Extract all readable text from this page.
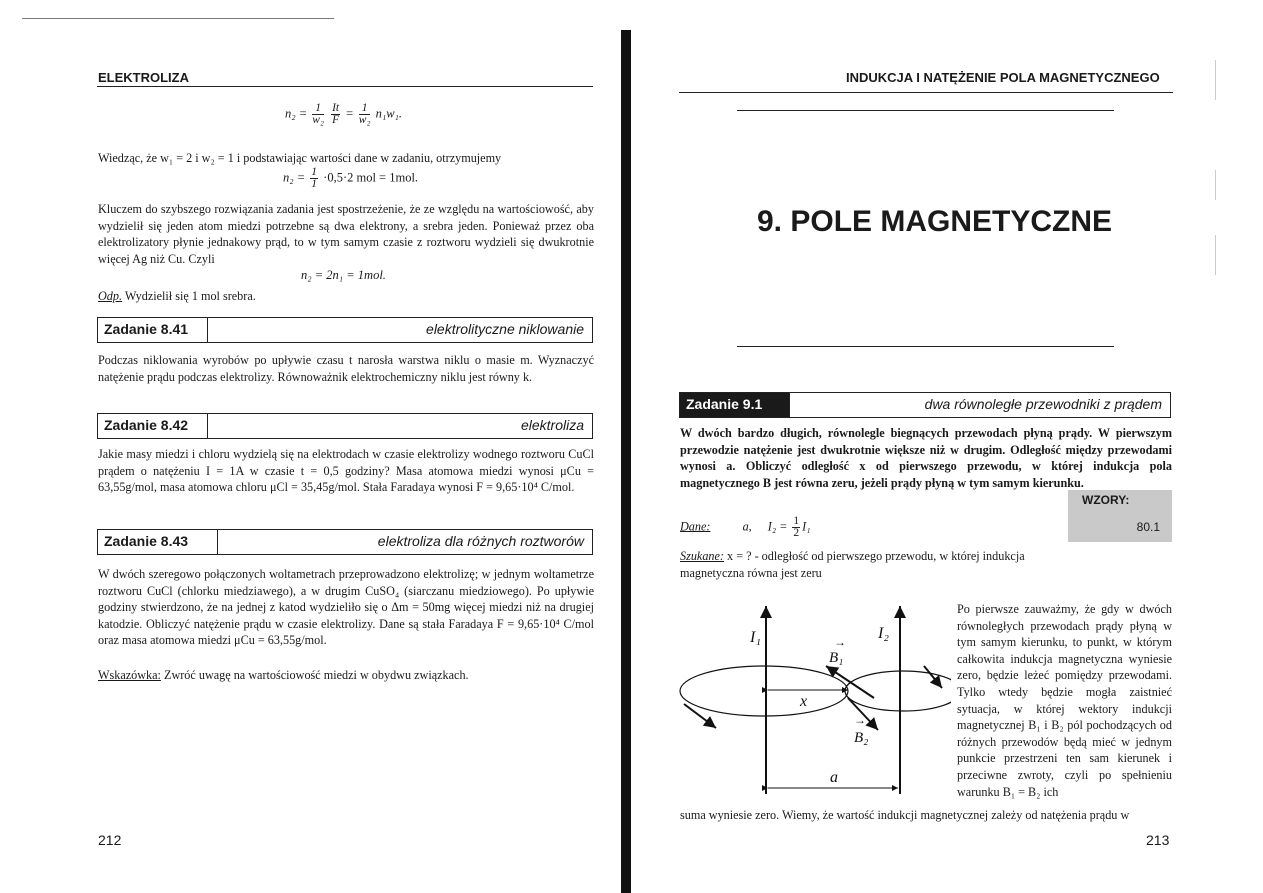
ELEKTROLIZA
$n_2 = \frac{1}{\text{w₂}}$
$\frac{It}{F} = \frac{1}{\text{w₂}} n_1w_1$.
Wiedząc, że w₁ = 2 i w₂ = 1 i podstawiając wartości dane w zadaniu, otrzymujemy
$n_2 = \frac{1}{1} \cdot 0,5\cdot 2$ mol = 1mol.
Kluczem do szybszego rozwiązania zadania jest spostrzeżenie, że ze względu na wartościowość, aby wydzielił się jeden atom miedzi potrzebne są dwa elektrony, a srebra jeden. Ponieważ przez oba elektrolizatory płynie jednakowy prąd, to w tym samym czasie z roztworu wydzieli się dwukrotnie więcej Ag niż Cu. Czyli
n₂ = 2n₁ = 1mol.
Odp. Wydzielił się 1 mol srebra.
Zadanie 8.41	elektrolityczne niklowanie
Podczas niklowania wyrobów po upływie czasu t narosła warstwa niklu o masie m. Wyznaczyć natężenie prądu podczas elektrolizy. Równoważnik elektrochemiczny niklu jest równy k.
Zadanie 8.42	elektroliza
Jakie masy miedzi i chloru wydzielą się na elektrodach w czasie elektrolizy wodnego roztworu CuCl prądem o natężeniu I = 1A w czasie t = 0,5 godziny? Masa atomowa miedzi wynosi μCu = 63,55g/mol, masa atomowa chloru μCl = 35,45g/mol. Stała Faradaya wynosi F = 9,65·10⁴ C/mol.
Zadanie 8.43	elektroliza dla różnych roztworów
W dwóch szeregowo połączonych woltametrach przeprowadzono elektrolizę; w jednym woltametrze roztworu CuCl (chlorku miedziawego), a w drugim CuSO₄ (siarczanu miedziowego). Po upływie godziny stwierdzono, że na jednej z katod wydzieliło się o Δm = 50mg więcej miedzi niż na drugiej katodzie. Obliczyć natężenie prądu w czasie elektrolizy. Dane są stała Faradaya F = 9,65·10⁴ C/mol oraz masa atomowa miedzi μCu = 63,55g/mol.
Wskazówka: Zwróć uwagę na wartościowość miedzi w obydwu związkach.
212
INDUKCJA I NATĘŻENIE POLA MAGNETYCZNEGO
9. POLE MAGNETYCZNE
Zadanie 9.1	dwa równoległe przewodniki z prądem
W dwóch bardzo długich, równolegle biegnących przewodach płyną prądy. W pierwszym przewodzie natężenie jest dwukrotnie większe niż w drugim. Odległość między przewodami wynosi a. Obliczyć odległość x od pierwszego przewodu, w której indukcja pola magnetycznego B jest równa zeru, jeżeli prądy płyną w tym samym kierunku.
WZORY:
80.1
Dane:	a, $I_2 = \frac{1}{2} I_1$
Szukane: x = ? - odległość od pierwszego przewodu, w której indukcja magnetyczna równa jest zeru
I₁	I₂
→
B₁
→
B₂
x
a
Po pierwsze zauważmy, że gdy w dwóch równoległych przewodach prądy płyną w tym samym kierunku, to punkt, w którym całkowita indukcja magnetyczna wyniesie zero, będzie leżeć pomiędzy przewodami. Tylko wtedy będzie mogła zaistnieć sytuacja, w której wektory indukcji magnetycznej B₁ i B₂ pól pochodzących od różnych przewodów będą mieć w jednym punkcie przestrzeni ten sam kierunek i przeciwne zwroty, czyli po spełnieniu warunku B₁ = B₂ ich
suma wyniesie zero. Wiemy, że wartość indukcji magnetycznej zależy od natężenia prądu w
213
